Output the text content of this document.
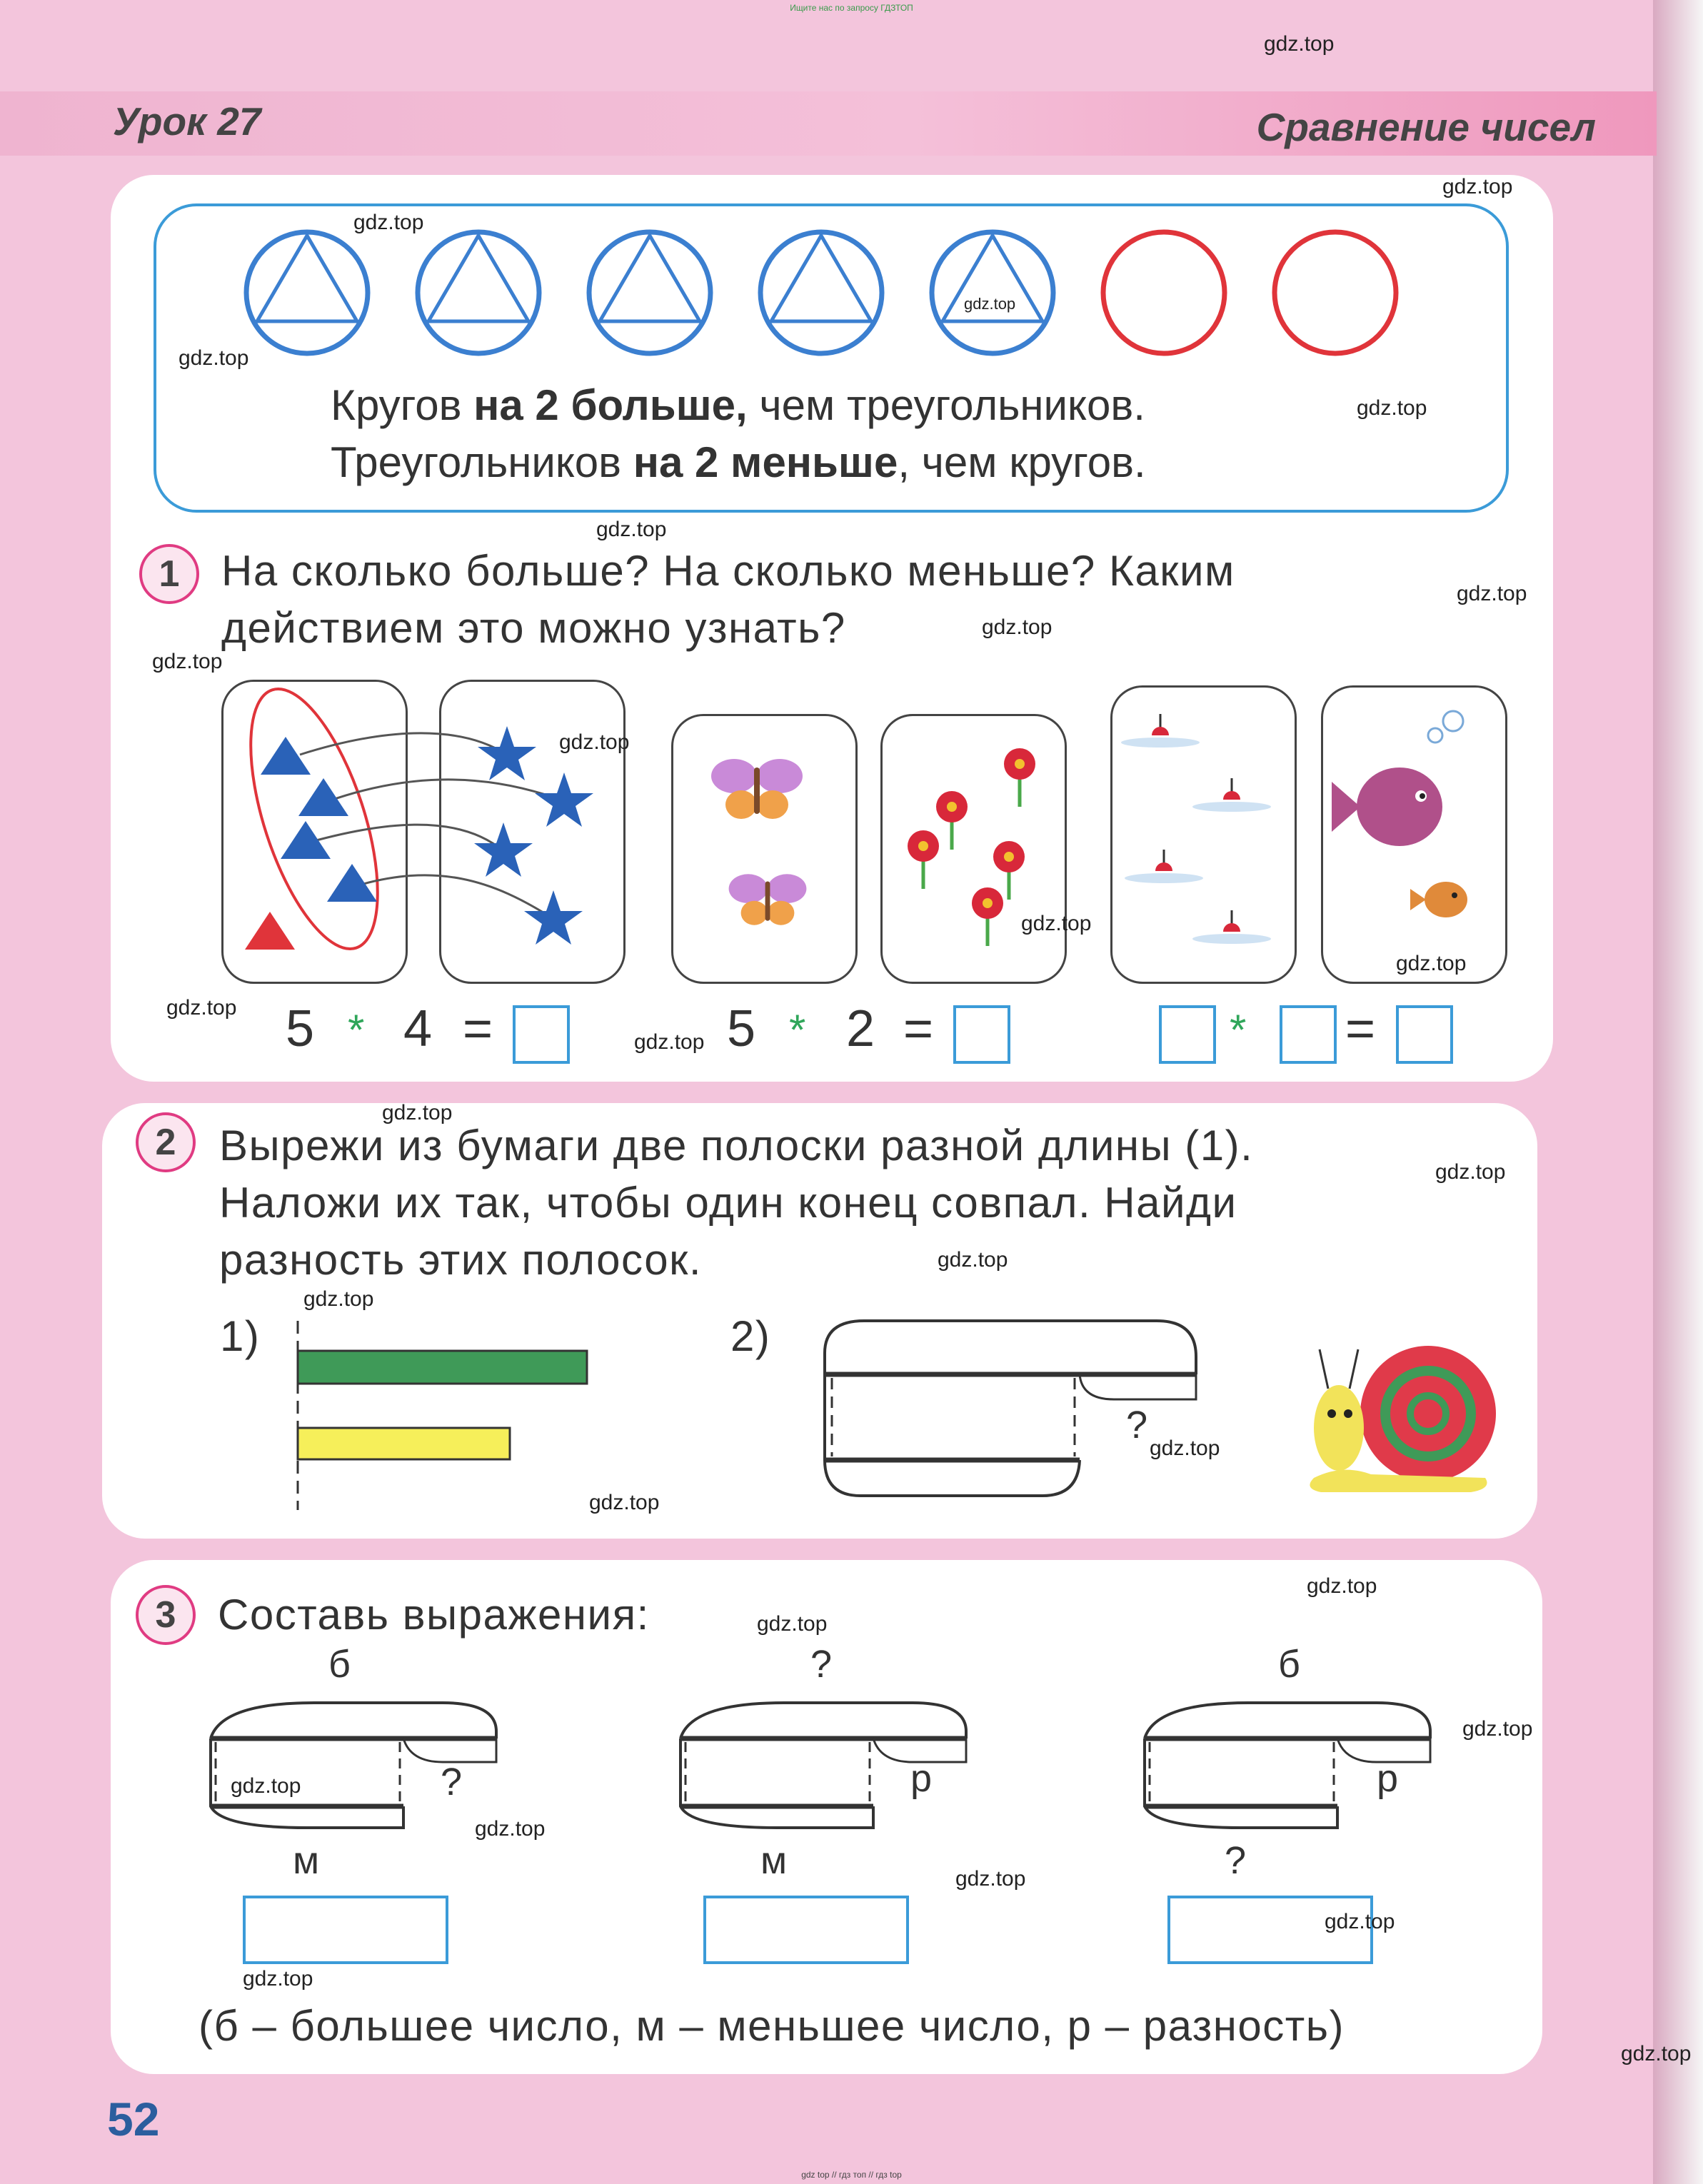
Ищите нас по запросу ГДЗТОП
Урок 27	Сравнение чисел
Кругов на 2 больше, чем треугольников.
Треугольников на 2 меньше, чем кругов.
1 На сколько больше? На сколько меньше? Каким
действием это можно узнать?
5 * 4 =	5 * 2 =	* =
2	Вырежи из бумаги две полоски разной длины (1).
Наложи их так, чтобы один конец совпал. Найди
разность этих полосок.
1)	2)
?
3 Составь выражения:
б
?
м
?
р
м
б
р
?
(б – большее число, м – меньшее число, р – разность)
52
gdz top // гдз топ // гдз top
gdz.top
gdz.top
gdz.top
gdz.top
gdz.top
gdz.top
gdz.top
gdz.top
gdz.top
gdz.top
gdz.top
gdz.top
gdz.top
gdz.top
gdz.top
gdz.top
gdz.top
gdz.top
gdz.top
gdz.top
gdz.top
gdz.top
gdz.top
gdz.top
gdz.top
gdz.top
gdz.top
gdz.top
gdz.top
gdz.top
